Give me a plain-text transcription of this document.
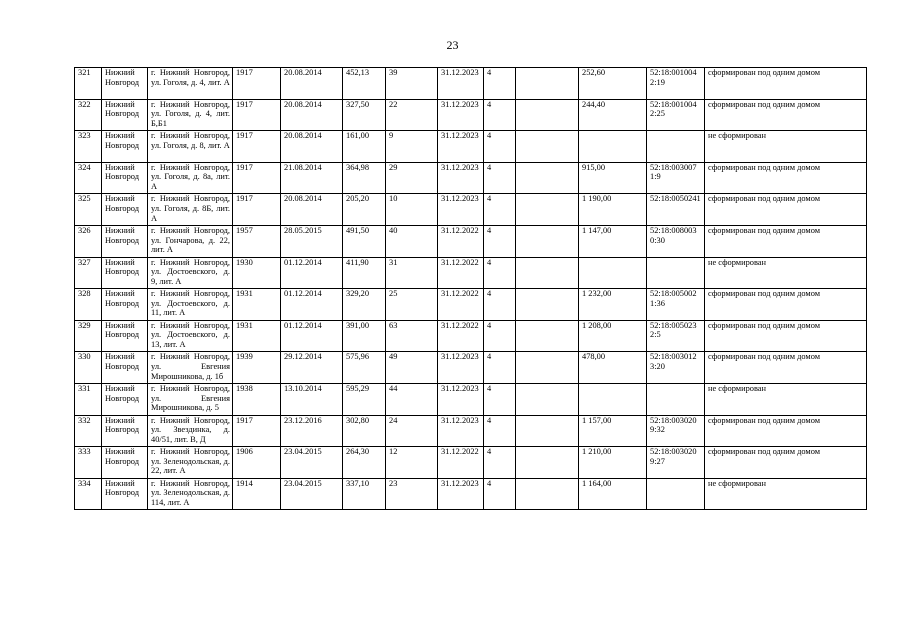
23
321	Нижний Новгород	г. Нижний Новгород, ул. Гоголя, д. 4, лит. А	1917	20.08.2014	452,13	39	31.12.2023	4		252,60	52:18:0010042:19	сформирован под одним домом
322	Нижний Новгород	г. Нижний Новгород, ул. Гоголя, д. 4, лит. Б,Б1	1917	20.08.2014	327,50	22	31.12.2023	4		244,40	52:18:0010042:25	сформирован под одним домом
323	Нижний Новгород	г. Нижний Новгород, ул. Гоголя, д. 8, лит. А	1917	20.08.2014	161,00	9	31.12.2023	4				не сформирован
324	Нижний Новгород	г. Нижний Новгород, ул. Гоголя, д. 8а, лит. А	1917	21.08.2014	364,98	29	31.12.2023	4		915,00	52:18:0030071:9	сформирован под одним домом
325	Нижний Новгород	г. Нижний Новгород, ул. Гоголя, д. 8Б, лит. А	1917	20.08.2014	205,20	10	31.12.2023	4		1 190,00	52:18:0050241	сформирован под одним домом
326	Нижний Новгород	г. Нижний Новгород, ул. Гончарова, д. 22, лит. А	1957	28.05.2015	491,50	40	31.12.2022	4		1 147,00	52:18:0080030:30	сформирован под одним домом
327	Нижний Новгород	г. Нижний Новгород, ул. Достоевского, д. 9, лит. А	1930	01.12.2014	411,90	31	31.12.2022	4				не сформирован
328	Нижний Новгород	г. Нижний Новгород, ул. Достоевского, д. 11, лит. А	1931	01.12.2014	329,20	25	31.12.2022	4		1 232,00	52:18:0050021:36	сформирован под одним домом
329	Нижний Новгород	г. Нижний Новгород, ул. Достоевского, д. 13, лит. А	1931	01.12.2014	391,00	63	31.12.2022	4		1 208,00	52:18:0050232:5	сформирован под одним домом
330	Нижний Новгород	г. Нижний Новгород, ул. Евгения Мирошникова, д. 1б	1939	29.12.2014	575,96	49	31.12.2023	4		478,00	52:18:0030123:20	сформирован под одним домом
331	Нижний Новгород	г. Нижний Новгород, ул. Евгения Мирошникова, д. 5	1938	13.10.2014	595,29	44	31.12.2023	4				не сформирован
332	Нижний Новгород	г. Нижний Новгород, ул. Звездинка, д. 40/51, лит. В, Д	1917	23.12.2016	302,80	24	31.12.2023	4		1 157,00	52:18:0030209:32	сформирован под одним домом
333	Нижний Новгород	г. Нижний Новгород, ул. Зеленодольская, д. 22, лит. А	1906	23.04.2015	264,30	12	31.12.2022	4		1 210,00	52:18:0030209:27	сформирован под одним домом
334	Нижний Новгород	г. Нижний Новгород, ул. Зеленодольская, д. 114, лит. А	1914	23.04.2015	337,10	23	31.12.2023	4		1 164,00		не сформирован
